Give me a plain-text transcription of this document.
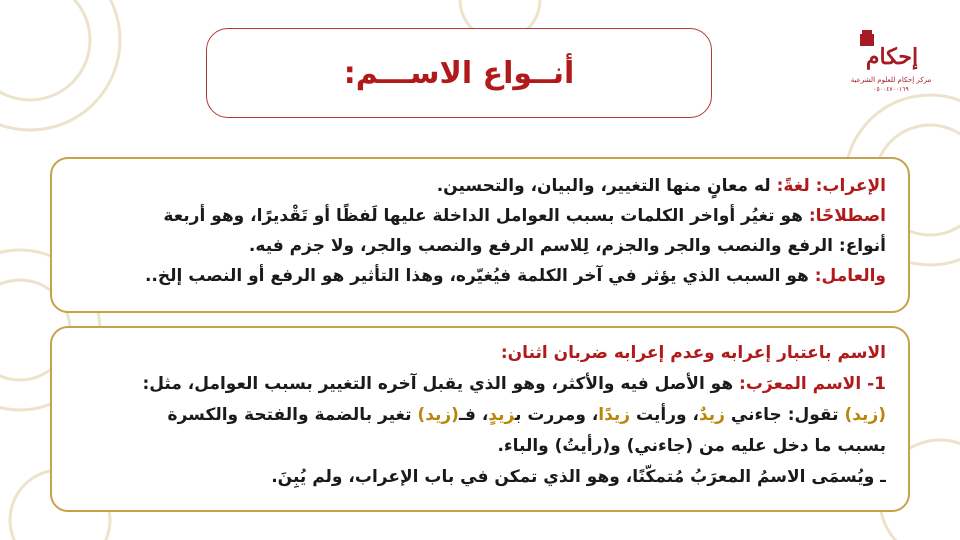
أنــواع الاســـم:	إحكام
مركز إحكام للعلوم الشرعية
٠٥٠٠٤٧٠٠١٦٩
الإعراب: لغةً: له معانٍ منها التغيير، والبيان، والتحسين.
اصطلاحًا: هو تغيُر أواخر الكلمات بسبب العوامل الداخلة عليها لَفظًا أو تَقْديرًا، وهو أربعة
أنواع: الرفع والنصب والجر والجزم، لِلاسم الرفع والنصب والجر، ولا جزم فيه.
والعامل: هو السبب الذي يؤثر في آخر الكلمة فيُغيّره، وهذا التأثير هو الرفع أو النصب إلخ..
الاسم باعتبار إعرابه وعدم إعرابه ضربان اثنان:
1- الاسم المعرَب: هو الأصل فيه والأكثر، وهو الذي يقبل آخره التغيير بسبب العوامل، مثل:
(زيد) تقول: جاءني زيدٌ، ورأيت زيدًا، ومررت بزيدٍ، فـ(زيد) تغير بالضمة والفتحة والكسرة
بسبب ما دخل عليه من (جاءني) و(رأيتُ) والباء.
ـ ويُسمَى الاسمُ المعرَبُ مُتمكّنًا، وهو الذي تمكن في باب الإعراب، ولم يُبِنَ.
